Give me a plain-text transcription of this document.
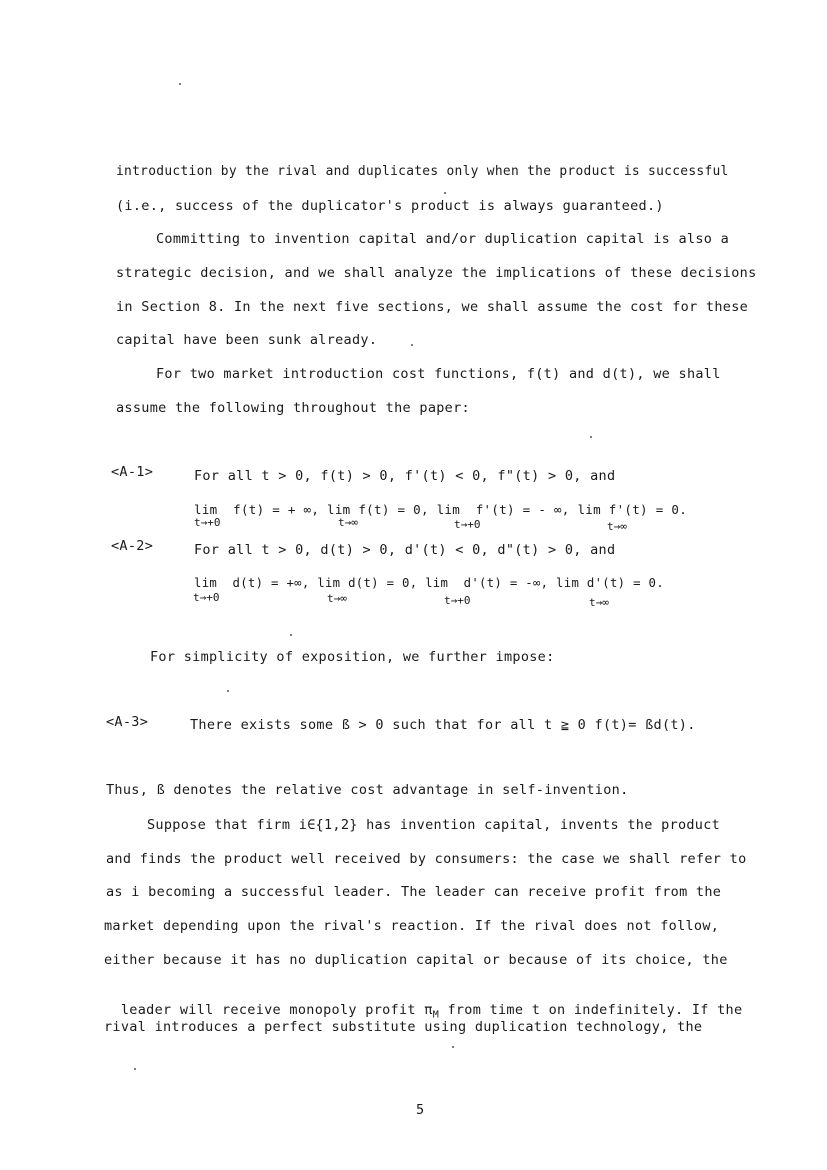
introduction by the rival and duplicates only when the product is successful
(i.e., success of the duplicator's product is always guaranteed.)
Committing to invention capital and/or duplication capital is also a
strategic decision, and we shall analyze the implications of these decisions
in Section 8. In the next five sections, we shall assume the cost for these
capital have been sunk already.
For two market introduction cost functions, f(t) and d(t), we shall
assume the following throughout the paper:
<A-1>	For all t > 0, f(t) > 0, f'(t) < 0, f"(t) > 0, and
lim  f(t) = + ∞, lim f(t) = 0, lim  f'(t) = - ∞, lim f'(t) = 0.
t→+0	t→∞	t→+0	t→∞
<A-2>	For all t > 0, d(t) > 0, d'(t) < 0, d"(t) > 0, and
lim  d(t) = +∞, lim d(t) = 0, lim  d'(t) = -∞, lim d'(t) = 0.
t→+0	t→∞	t→+0	t→∞
For simplicity of exposition, we further impose:
<A-3>	There exists some ß > 0 such that for all t ≧ 0 f(t)= ßd(t).
Thus, ß denotes the relative cost advantage in self-invention.
Suppose that firm i∈{1,2} has invention capital, invents the product
and finds the product well received by consumers: the case we shall refer to
as i becoming a successful leader. The leader can receive profit from the
market depending upon the rival's reaction. If the rival does not follow,
either because it has no duplication capital or because of its choice, the

leader will receive monopoly profit $\pi_M$ from time t on indefinitely. If the

rival introduces a perfect substitute using duplication technology, the
5
